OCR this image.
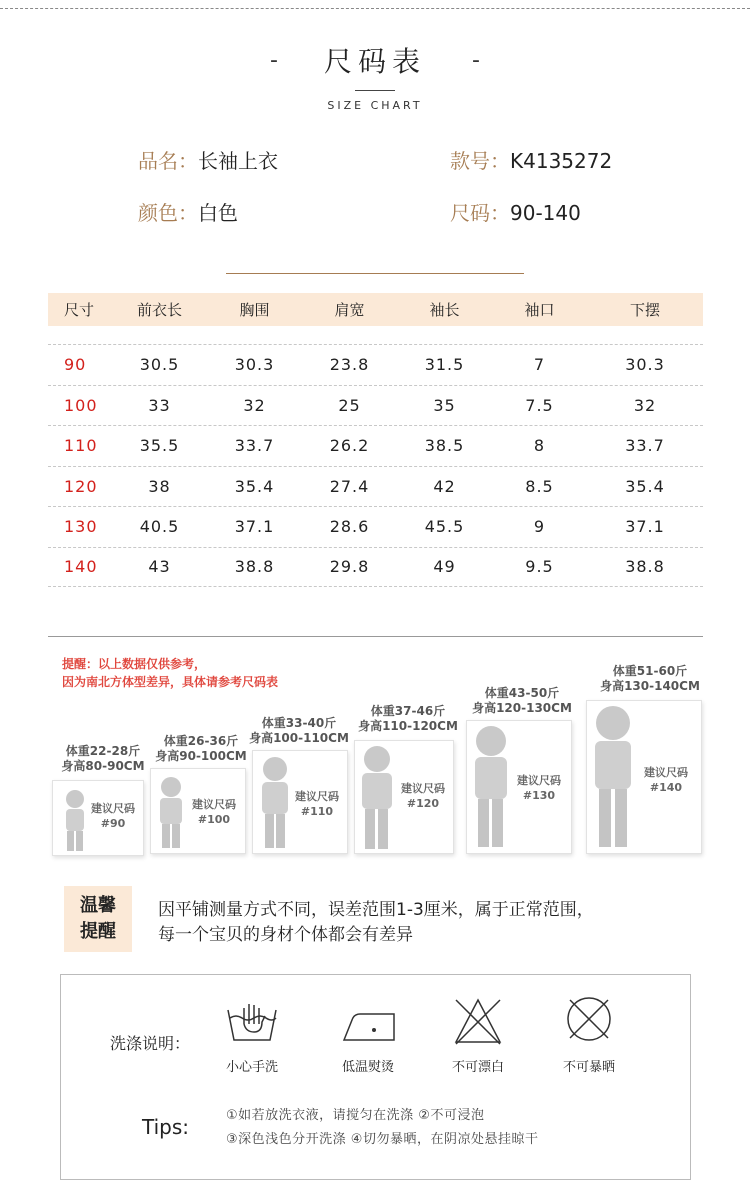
- 尺码表 -
SIZE CHART
品名：长袖上衣	款号：K4135272
颜色：白色	尺码：90-140
尺寸	前衣长	胸围	肩宽	袖长	袖口	下摆
90	30.5	30.3	23.8	31.5	7	30.3
100	33	32	25	35	7.5	32
110	35.5	33.7	26.2	38.5	8	33.7
120	38	35.4	27.4	42	8.5	35.4
130	40.5	37.1	28.6	45.5	9	37.1
140	43	38.8	29.8	49	9.5	38.8
提醒：以上数据仅供参考，
因为南北方体型差异，具体请参考尺码表
体重22-28斤
身高80-90CM
建议尺码
#90
体重26-36斤
身高90-100CM
建议尺码
#100
体重33-40斤
身高100-110CM
建议尺码
#110
体重37-46斤
身高110-120CM
建议尺码
#120
体重43-50斤
身高120-130CM
建议尺码
#130
体重51-60斤
身高130-140CM
建议尺码
#140
温馨
提醒
因平铺测量方式不同，误差范围1-3厘米，属于正常范围，
每一个宝贝的身材个体都会有差异
洗涤说明：
小心手洗	低温熨烫	不可漂白	不可暴晒
Tips:	①如若放洗衣液，请搅匀在洗涤 ②不可浸泡
③深色浅色分开洗涤 ④切勿暴晒，在阴凉处悬挂晾干
